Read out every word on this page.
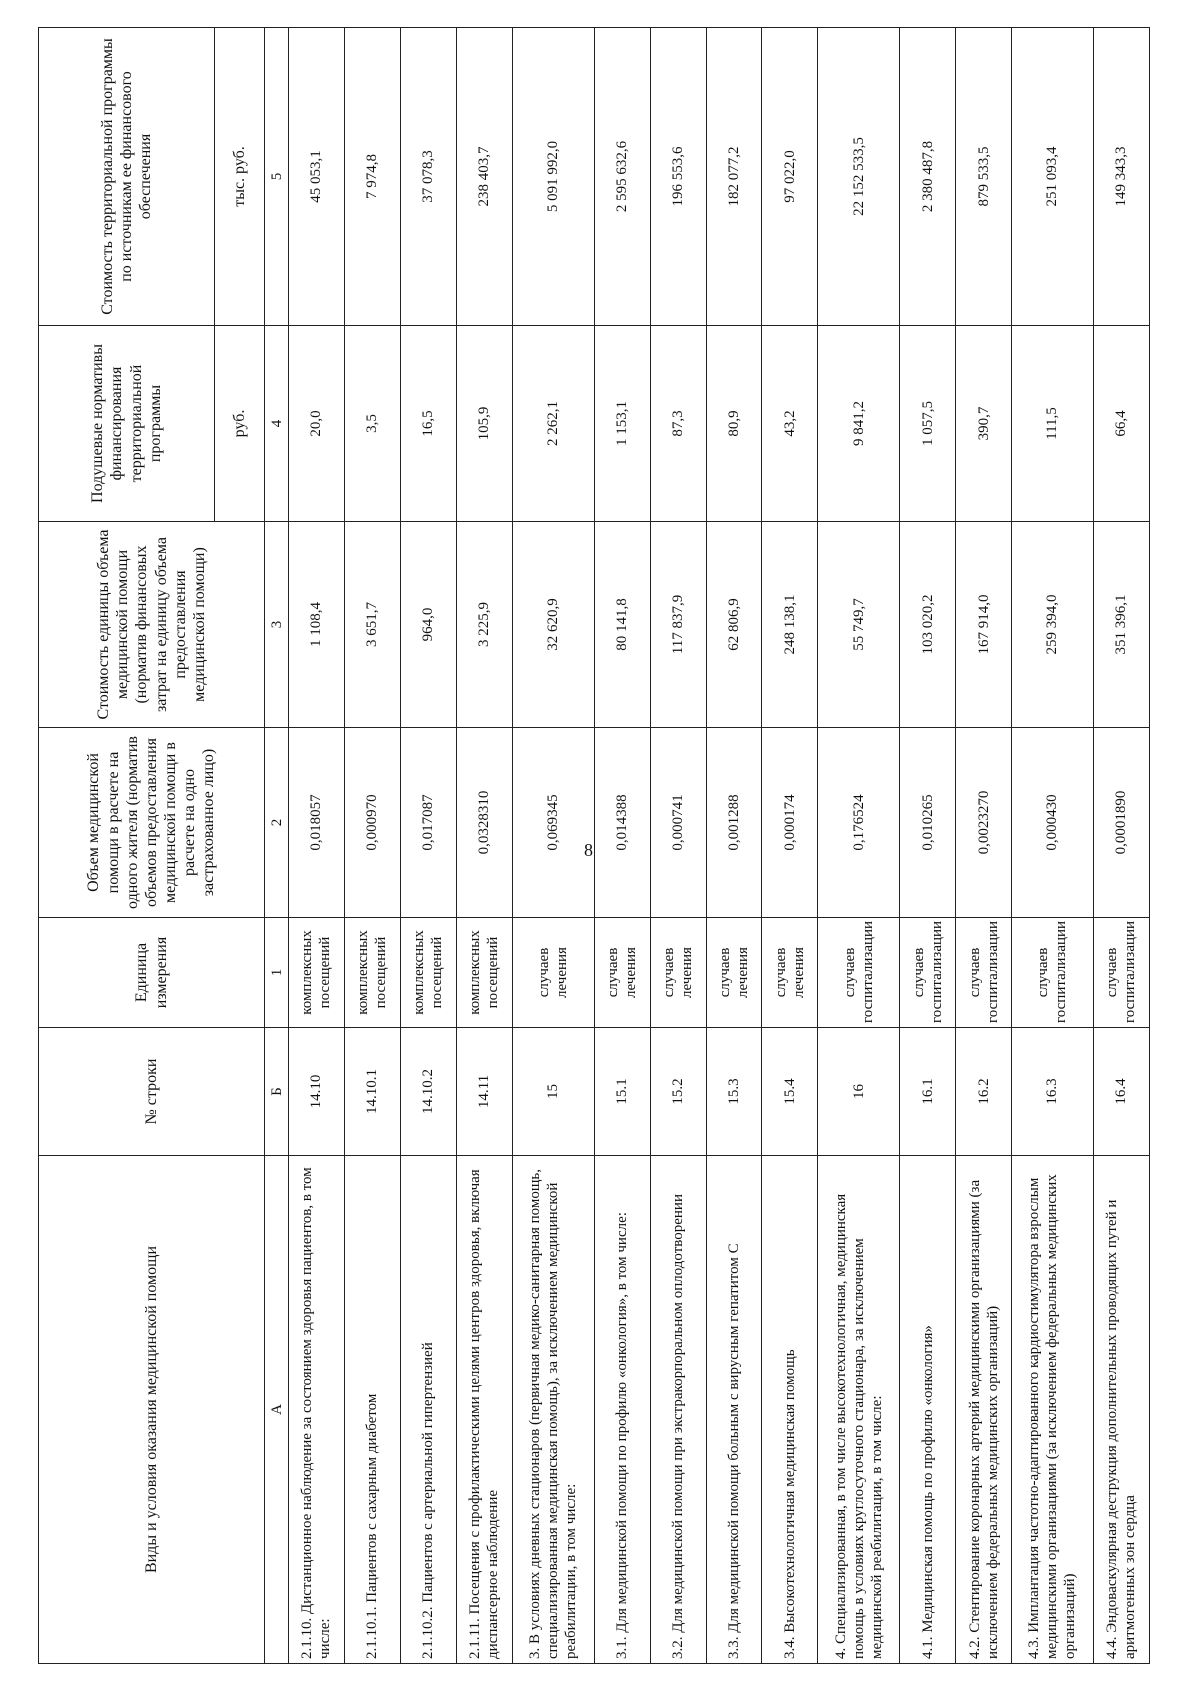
8
Виды и условия оказания медицинской помощи	№ строки	Единица измерения	Объем медицинской помощи в расчете на одного жителя (норматив объемов предоставления медицинской помощи в расчете на одно застрахованное лицо)	Стоимость единицы объема медицинской помощи (норматив финансовых затрат на единицу объема предоставления медицинской помощи)	Подушевые нормативы финансирования территориальной программы	Стоимость территориальной программы по источникам ее финансового обеспечения
					руб.	тыс. руб.
А	Б	1	2	3	4	5
2.1.10. Дистанционное наблюдение за состоянием здоровья пациентов, в том числе:	14.10	комплексных посещений	0,018057	1 108,4	20,0	45 053,1
2.1.10.1. Пациентов с сахарным диабетом	14.10.1	комплексных посещений	0,000970	3 651,7	3,5	7 974,8
2.1.10.2. Пациентов с артериальной гипертензией	14.10.2	комплексных посещений	0,017087	964,0	16,5	37 078,3
2.1.11. Посещения с профилактическими целями центров здоровья, включая диспансерное наблюдение	14.11	комплексных посещений	0,0328310	3 225,9	105,9	238 403,7
3. В условиях дневных стационаров (первичная медико-санитарная помощь, специализированная медицинская помощь), за исключением медицинской реабилитации, в том числе:	15	случаев лечения	0,069345	32 620,9	2 262,1	5 091 992,0
3.1. Для медицинской помощи по профилю «онкология», в том числе:	15.1	случаев лечения	0,014388	80 141,8	1 153,1	2 595 632,6
3.2. Для медицинской помощи при экстракорпоральном оплодотворении	15.2	случаев лечения	0,000741	117 837,9	87,3	196 553,6
3.3. Для медицинской помощи больным с вирусным гепатитом С	15.3	случаев лечения	0,001288	62 806,9	80,9	182 077,2
3.4. Высокотехнологичная медицинская помощь	15.4	случаев лечения	0,000174	248 138,1	43,2	97 022,0
4. Специализированная, в том числе высокотехнологичная, медицинская помощь в условиях круглосуточного стационара, за исключением медицинской реабилитации, в том числе:	16	случаев госпитализации	0,176524	55 749,7	9 841,2	22 152 533,5
4.1. Медицинская помощь по профилю «онкология»	16.1	случаев госпитализации	0,010265	103 020,2	1 057,5	2 380 487,8
4.2. Стентирование коронарных артерий медицинскими организациями (за исключением федеральных медицинских организаций)	16.2	случаев госпитализации	0,0023270	167 914,0	390,7	879 533,5
4.3. Имплантация частотно-адаптированного кардиостимулятора взрослым медицинскими организациями (за исключением федеральных медицинских организаций)	16.3	случаев госпитализации	0,000430	259 394,0	111,5	251 093,4
4.4. Эндоваскулярная деструкция дополнительных проводящих путей и аритмогенных зон сердца	16.4	случаев госпитализации	0,0001890	351 396,1	66,4	149 343,3
